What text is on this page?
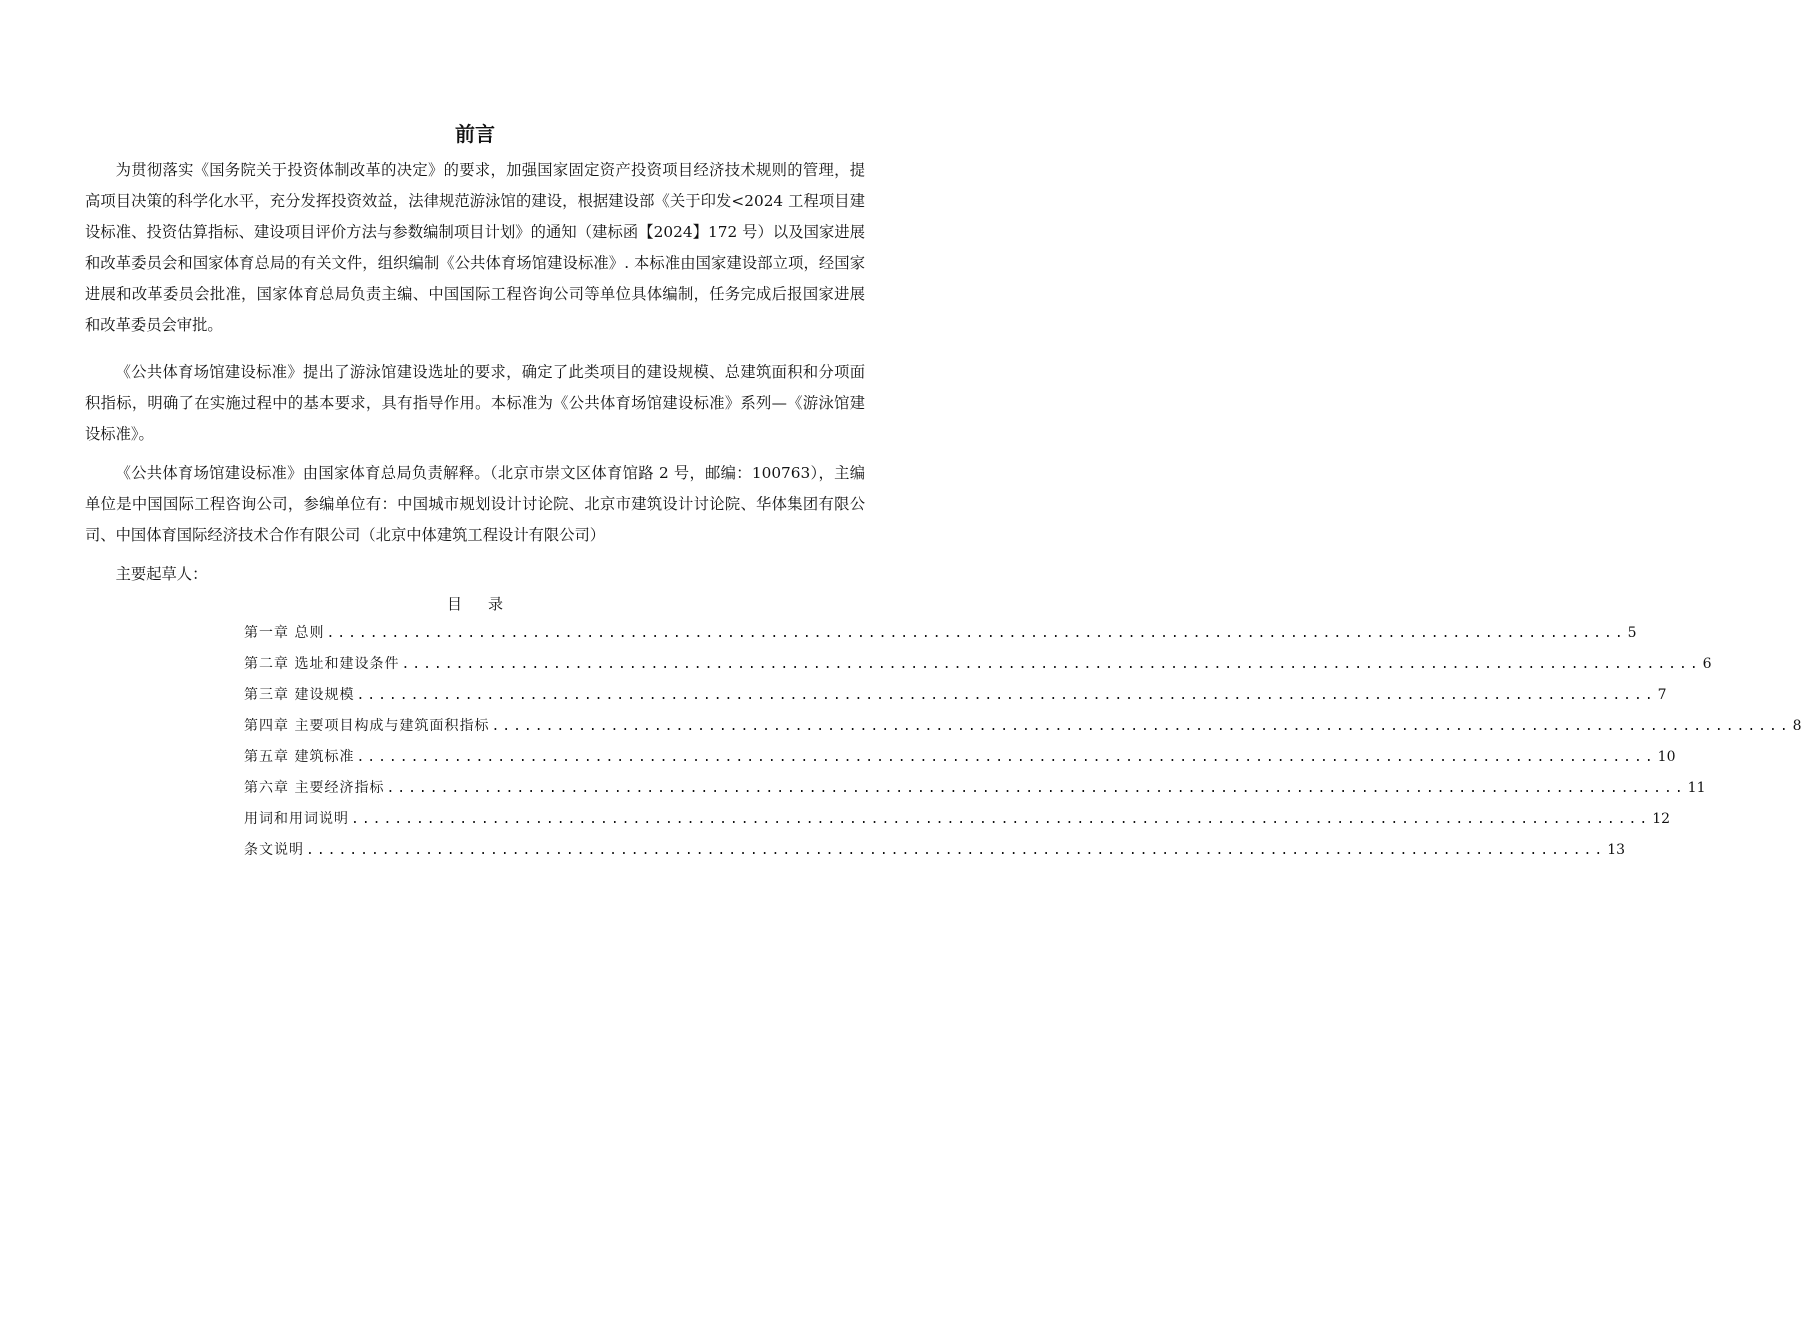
前言

为贯彻落实《国务院关于投资体制改革的决定》的要求，加强国家固定资产投资项目经济技术规则的管理，提高项目决策的科学化水平，充分发挥投资效益，法律规范游泳馆的建设，根据建设部《关于印发<2024 工程项目建设标准、投资估算指标、建设项目评价方法与参数编制项目计划》的通知（建标函【2024】172 号）以及国家进展和改革委员会和国家体育总局的有关文件，组织编制《公共体育场馆建设标准》. 本标准由国家建设部立项，经国家进展和改革委员会批准，国家体育总局负责主编、中国国际工程咨询公司等单位具体编制，任务完成后报国家进展和改革委员会审批。

《公共体育场馆建设标准》提出了游泳馆建设选址的要求，确定了此类项目的建设规模、总建筑面积和分项面积指标，明确了在实施过程中的基本要求，具有指导作用。本标准为《公共体育场馆建设标准》系列—《游泳馆建设标准》。

《公共体育场馆建设标准》由国家体育总局负责解释。（北京市崇文区体育馆路 2 号，邮编：100763），主编单位是中国国际工程咨询公司，参编单位有：中国城市规划设计讨论院、北京市建筑设计讨论院、华体集团有限公司、中国体育国际经济技术合作有限公司（北京中体建筑工程设计有限公司）

主要起草人：

目录
第一章 总则 ........................................................................................................................ 5
第二章 选址和建设条件 ........................................................................................................................ 6
第三章 建设规模 ........................................................................................................................ 7
第四章 主要项目构成与建筑面积指标 ........................................................................................................................ 8
第五章 建筑标准 ........................................................................................................................ 10
第六章 主要经济指标 ........................................................................................................................ 11
用词和用词说明 ........................................................................................................................ 12
条文说明 ........................................................................................................................ 13
